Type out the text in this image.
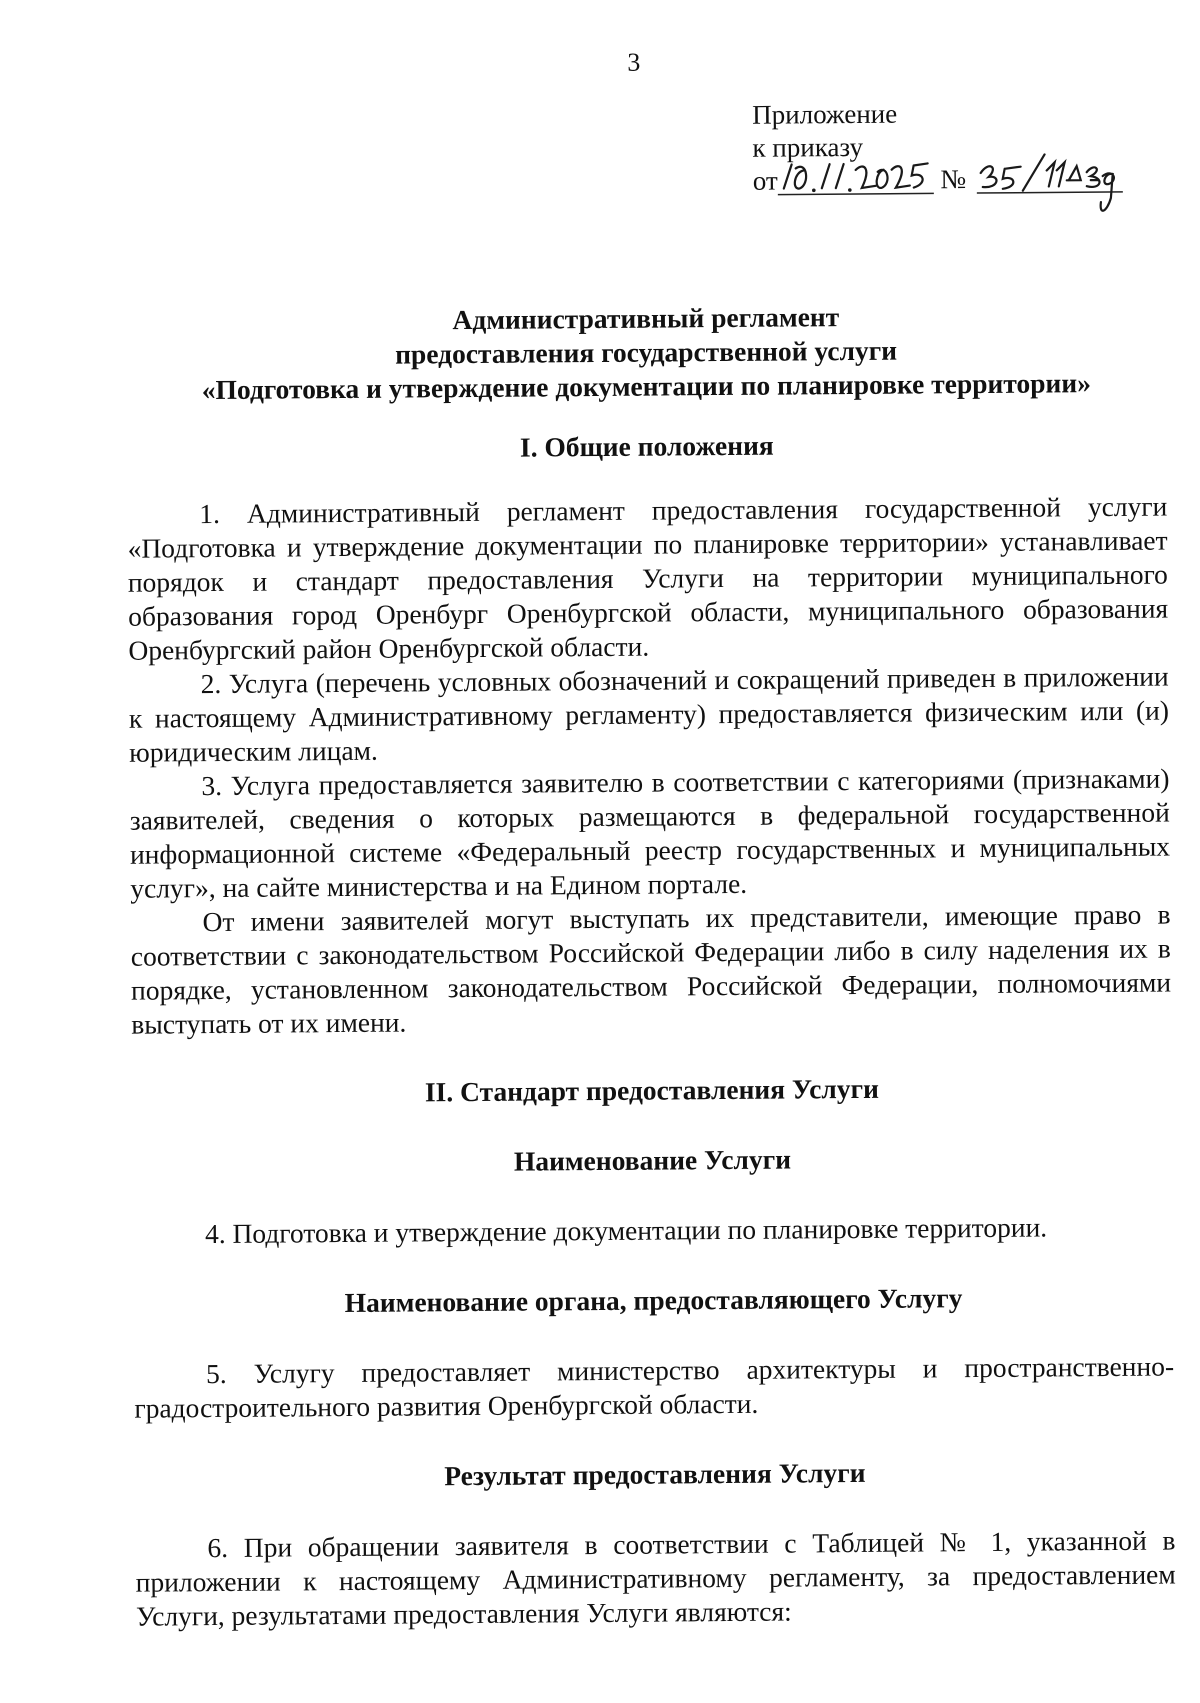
3
Приложение
к приказу
от	№
Административный регламент
предоставления государственной услуги
«Подготовка и утверждение документации по планировке территории»
I. Общие положения

1. Административный регламент предоставления государственной услуги «Подготовка и утверждение документации по планировке территории» устанавливает порядок и стандарт предоставления Услуги на территории муниципального образования город Оренбург Оренбургской области, муниципального образования Оренбургский район Оренбургской области.

2. Услуга (перечень условных обозначений и сокращений приведен в приложении к настоящему Административному регламенту) предоставляется физическим или (и) юридическим лицам.

3. Услуга предоставляется заявителю в соответствии с категориями (признаками) заявителей, сведения о которых размещаются в федеральной государственной информационной системе «Федеральный реестр государственных и муниципальных услуг», на сайте министерства и на Едином портале.

От имени заявителей могут выступать их представители, имеющие право в соответствии с законодательством Российской Федерации либо в силу наделения их в порядке, установленном законодательством Российской Федерации, полномочиями выступать от их имени.

II. Стандарт предоставления Услуги
Наименование Услуги

4. Подготовка и утверждение документации по планировке территории.

Наименование органа, предоставляющего Услугу

5. Услугу предоставляет министерство архитектуры и пространственно-градостроительного развития Оренбургской области.

Результат предоставления Услуги

6. При обращении заявителя в соответствии с Таблицей № 1, указанной в приложении к настоящему Административному регламенту, за предоставлением Услуги, результатами предоставления Услуги являются:
